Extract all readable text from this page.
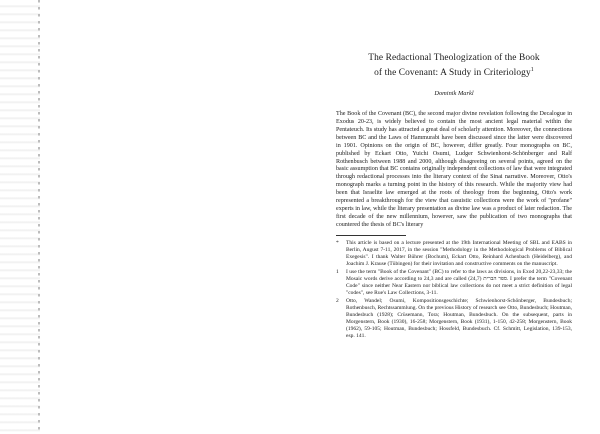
The Redactional Theologization of the Book
of the Covenant: A Study in Criteriology$^1$
Dominik Markl

The Book of the Covenant (BC), the second major divine revelation following the Decalogue in Exodus 20-23, is widely believed to contain the most ancient legal material within the Pentateuch. Its study has attracted a great deal of scholarly attention. Moreover, the connections between BC and the Laws of Hammurabi have been discussed since the latter were discovered in 1901. Opinions on the origin of BC, however, differ greatly. Four monographs on BC, published by Eckart Otto, Yuichi Osumi, Ludger Schwienhorst-Schönberger and Ralf Rothenbusch between 1988 and 2000, although disagreeing on several points, agreed on the basic assumption that BC contains originally independent collections of law that were integrated through redactional processes into the literary context of the Sinai narrative. Moreover, Otto's monograph marks a turning point in the history of this research. While the majority view had been that Israelite law emerged at the roots of theology from the beginning, Otto's work represented a breakthrough for the view that casuistic collections were the work of "profane" experts in law, while the literary presentation as divine law was a product of later redaction. The first decade of the new millennium, however, saw the publication of two monographs that countered the thesis of BC's literary

* This article is based on a lecture presented at the 19th International Meeting of SBL and EABS in Berlin, August 7-11, 2017, in the session "Methodology in the Methodological Problems of Biblical Exegesis". I thank Walter Bührer (Bochum), Eckart Otto, Reinhard Achenbach (Heidelberg), and Joachim J. Krause (Tübingen) for their invitation and constructive comments on the manuscript.
1 I use the term "Book of the Covenant" (BC) to refer to the laws as divisions, in Exod 20,22-23,33; the Mosaic words derive according to 24,3 and are called ספר הברית (24,7). I prefer the term "Covenant Code" since neither Near Eastern nor biblical law collections do not meet a strict definition of legal "codes", see Rue's Law Collections, 3-11.
2 Otto, Wandel; Osumi, Kompositionsgeschichte; Schwienhorst-Schönberger, Bundesbuch; Rothenbusch, Rechtssammlung. On the previous History of research see Otto, Bundesbuch; Houtman, Bundesbuch (1928); Crüsemann, Tora; Houtman, Bundesbuch. On the subsequent, parts in Morgenstern, Book (1930), 16-258; Morgenstern, Book (1931), 1-150, 42-258; Morgenstern, Book (1962), 59-105; Houtman, Bundesbuch; Hossfeld, Bundesbuch. Cf. Schmitt, Legislation, 139-153, esp. 141.
